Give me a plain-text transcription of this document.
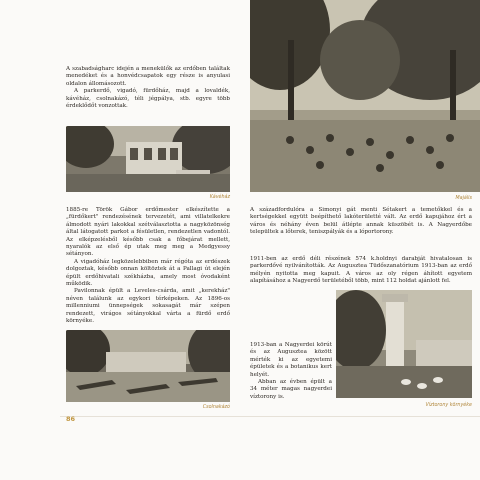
A szabadságharc idején a menekülők az erdőben találtak menedéket és a honvédcsapatok egy része is anyulasi oldalon állomásozott.

A parkerdő, vigadó, fürdőház, majd a lovaldék, kávéház, csolnakázó, téli jégpálya, stb. egyre több érdeklődőt vonzottak.

Kávéház

1885-re Török Gábor erdőmester elkészítette a „fürdőkert" rendezésének tervezetét, ami villatelkekre álmodott nyári lakokkal szétválasztotta a nagyközönség által látogatott parkot a fésületlen, rendezetlen vadontól. Az elképzelésből később csak a főbejárat mellett, nyaralók az első ép utak meg meg a Medgyessy sétányon.

A vigadóház legközelebbiben már régóta az erdészek dolgoztak, később onnan költöztek át a Pallagi út elején épült erdőhivatali székházba, amely most óvodaként működik.

Pavilonnak épült a Leveles-csárda, amit „kerekház" néven találunk az egykori térképeken. Az 1896-os millenniumi ünnepségek sokasagát már szépen rendezett, virágos sétányokkal várta a fürdő erdő környéke.

Csolnakázó
Majális

A századfordulóra a Simonyi gát menti Sétakert a temetőkkel és a kertségekkel együtt beépíthető lakóterületté vált. Az erdő kapujához ért a város és néhány éven belül átlépte annak küszöbét is. A Nagyerdőbe települtek a lőterek, teniszpályák és a lóportorony.

1911-ben az erdő déli részének 574 k.holdnyi darabját hivatalosan is parkerdővé nyilvánították. Az Augusztea Tüdőszanatórium 1913-ban az erdő mélyén nyitotta meg kapuit. A város az oly régen áhított egyetem alapításához a Nagyerdő területéből több, mint 112 holdat ajánlott fel.

Víztorony környéke

1913-ban a Nagyerdei körút és az Augusztea között mérték ki az egyetemi épületek és a botanikus kert helyét.

Abban az évben épült a 34 méter magas nagyerdei víztorony is.

86
